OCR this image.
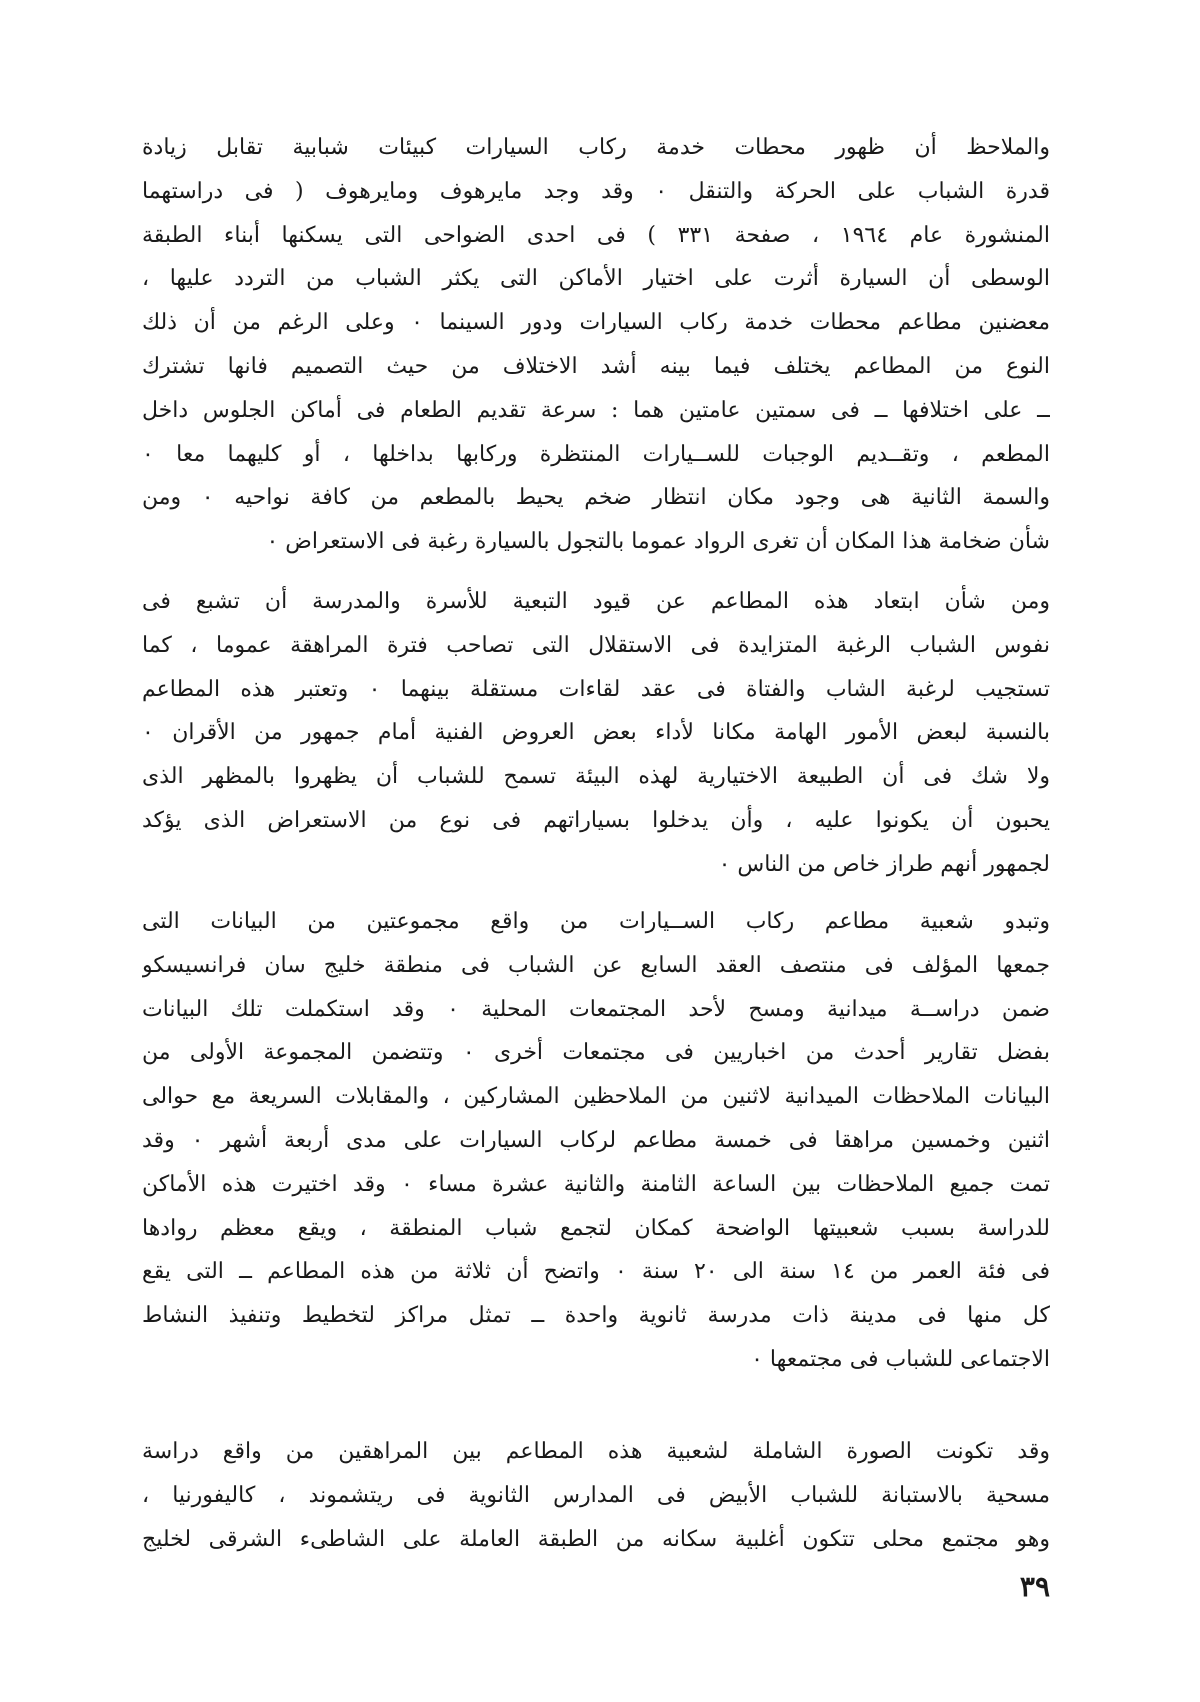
والملاحظ أن ظهور محطات خدمة ركاب السيارات كبيئات شبابية تقابل زيادة
قدرة الشباب على الحركة والتنقل ٠ وقد وجد مايرهوف ومايرهوف ( فى دراستهما
المنشورة عام ١٩٦٤ ، صفحة ٣٣١ ) فى احدى الضواحى التى يسكنها أبناء الطبقة
الوسطى أن السيارة أثرت على اختيار الأماكن التى يكثر الشباب من التردد عليها ،
معضنين مطاعم محطات خدمة ركاب السيارات ودور السينما ٠ وعلى الرغم من أن ذلك
النوع من المطاعم يختلف فيما بينه أشد الاختلاف من حيث التصميم فانها تشترك
ــ على اختلافها ــ فى سمتين عامتين هما : سرعة تقديم الطعام فى أماكن الجلوس داخل
المطعم ، وتقــديم الوجبات للســيارات المنتظرة وركابها بداخلها ، أو كليهما معا ٠
والسمة الثانية هى وجود مكان انتظار ضخم يحيط بالمطعم من كافة نواحيه ٠ ومن
شأن ضخامة هذا المكان أن تغرى الرواد عموما بالتجول بالسيارة رغبة فى الاستعراض ٠
ومن شأن ابتعاد هذه المطاعم عن قيود التبعية للأسرة والمدرسة أن تشبع فى
نفوس الشباب الرغبة المتزايدة فى الاستقلال التى تصاحب فترة المراهقة عموما ، كما
تستجيب لرغبة الشاب والفتاة فى عقد لقاءات مستقلة بينهما ٠ وتعتبر هذه المطاعم
بالنسبة لبعض الأمور الهامة مكانا لأداء بعض العروض الفنية أمام جمهور من الأقران ٠
ولا شك فى أن الطبيعة الاختيارية لهذه البيئة تسمح للشباب أن يظهروا بالمظهر الذى
يحبون أن يكونوا عليه ، وأن يدخلوا بسياراتهم فى نوع من الاستعراض الذى يؤكد
لجمهور أنهم طراز خاص من الناس ٠
وتبدو شعبية مطاعم ركاب الســيارات من واقع مجموعتين من البيانات التى
جمعها المؤلف فى منتصف العقد السابع عن الشباب فى منطقة خليج سان فرانسيسكو
ضمن دراســة ميدانية ومسح لأحد المجتمعات المحلية ٠ وقد استكملت تلك البيانات
بفضل تقارير أحدث من اخباريين فى مجتمعات أخرى ٠ وتتضمن المجموعة الأولى من
البيانات الملاحظات الميدانية لاثنين من الملاحظين المشاركين ، والمقابلات السريعة مع حوالى
اثنين وخمسين مراهقا فى خمسة مطاعم لركاب السيارات على مدى أربعة أشهر ٠ وقد
تمت جميع الملاحظات بين الساعة الثامنة والثانية عشرة مساء ٠ وقد اختيرت هذه الأماكن
للدراسة بسبب شعبيتها الواضحة كمكان لتجمع شباب المنطقة ، ويقع معظم روادها
فى فئة العمر من ١٤ سنة الى ٢٠ سنة ٠ واتضح أن ثلاثة من هذه المطاعم ــ التى يقع
كل منها فى مدينة ذات مدرسة ثانوية واحدة ــ تمثل مراكز لتخطيط وتنفيذ النشاط
الاجتماعى للشباب فى مجتمعها ٠
وقد تكونت الصورة الشاملة لشعبية هذه المطاعم بين المراهقين من واقع دراسة
مسحية بالاستبانة للشباب الأبيض فى المدارس الثانوية فى ريتشموند ، كاليفورنيا ،
وهو مجتمع محلى تتكون أغلبية سكانه من الطبقة العاملة على الشاطىء الشرقى لخليج
٣٩
